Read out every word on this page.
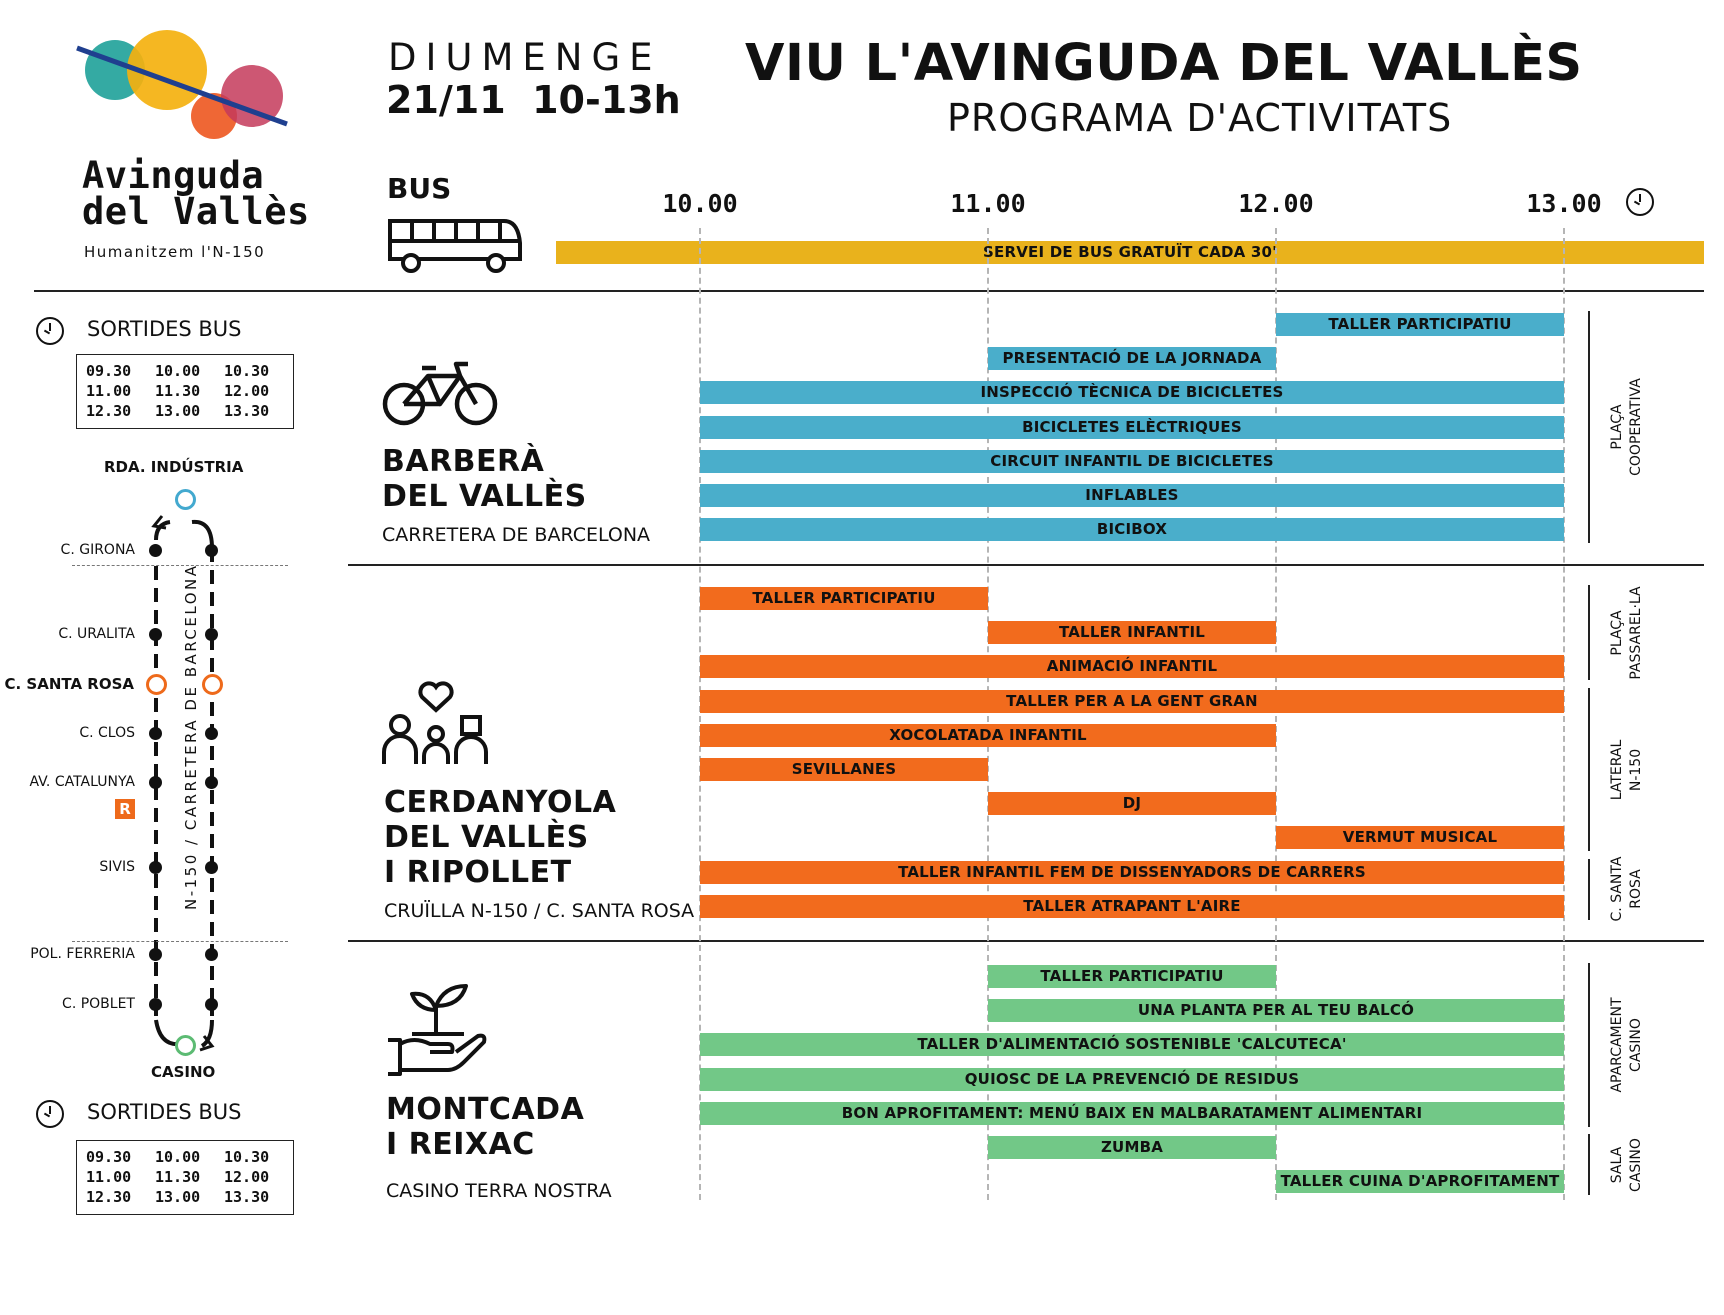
Avinguda
del Vallès
Humanitzem l'N-150
DIUMENGE
21/11  10-13h
VIU L'AVINGUDA DEL VALLÈS
PROGRAMA D'ACTIVITATS
BUS	10.00	11.00	12.00	13.00
SERVEI DE BUS GRATUÏT CADA 30'
BARBERÀ
DEL VALLÈS
CARRETERA DE BARCELONA
CERDANYOLA
DEL VALLÈS
I RIPOLLET
CRUÏLLA N-150 / C. SANTA ROSA
MONTCADA
I REIXAC
CASINO TERRA NOSTRA
TALLER PARTICIPATIU
PRESENTACIÓ DE LA JORNADA
INSPECCIÓ TÈCNICA DE BICICLETES
BICICLETES ELÈCTRIQUES
CIRCUIT INFANTIL DE BICICLETES
INFLABLES
BICIBOX
TALLER PARTICIPATIU
TALLER INFANTIL
ANIMACIÓ INFANTIL
TALLER PER A LA GENT GRAN
XOCOLATADA INFANTIL
SEVILLANES
DJ
VERMUT MUSICAL
TALLER INFANTIL FEM DE DISSENYADORS DE CARRERS
TALLER ATRAPANT L'AIRE
TALLER PARTICIPATIU
UNA PLANTA PER AL TEU BALCÓ
TALLER D'ALIMENTACIÓ SOSTENIBLE 'CALCUTECA'
QUIOSC DE LA PREVENCIÓ DE RESIDUS
BON APROFITAMENT: MENÚ BAIX EN MALBARATAMENT ALIMENTARI
ZUMBA
TALLER CUINA D'APROFITAMENT
PLAÇA COOPERATIVA
PLAÇA PASSAREL·LA
LATERAL N-150
C. SANTA ROSA
APARCAMENT CASINO
SALA CASINO
SORTIDES BUS
09.30	10.00	10.30
11.00	11.30	12.00
12.30	13.00	13.30
SORTIDES BUS
09.30	10.00	10.30
11.00	11.30	12.00
12.30	13.00	13.30
RDA. INDÚSTRIA
CASINO
N-150 / CARRETERA DE BARCELONA
C. GIRONA
C. URALITA
C. SANTA ROSA
C. CLOS
AV. CATALUNYA
SIVIS
POL. FERRERIA
C. POBLET
R
